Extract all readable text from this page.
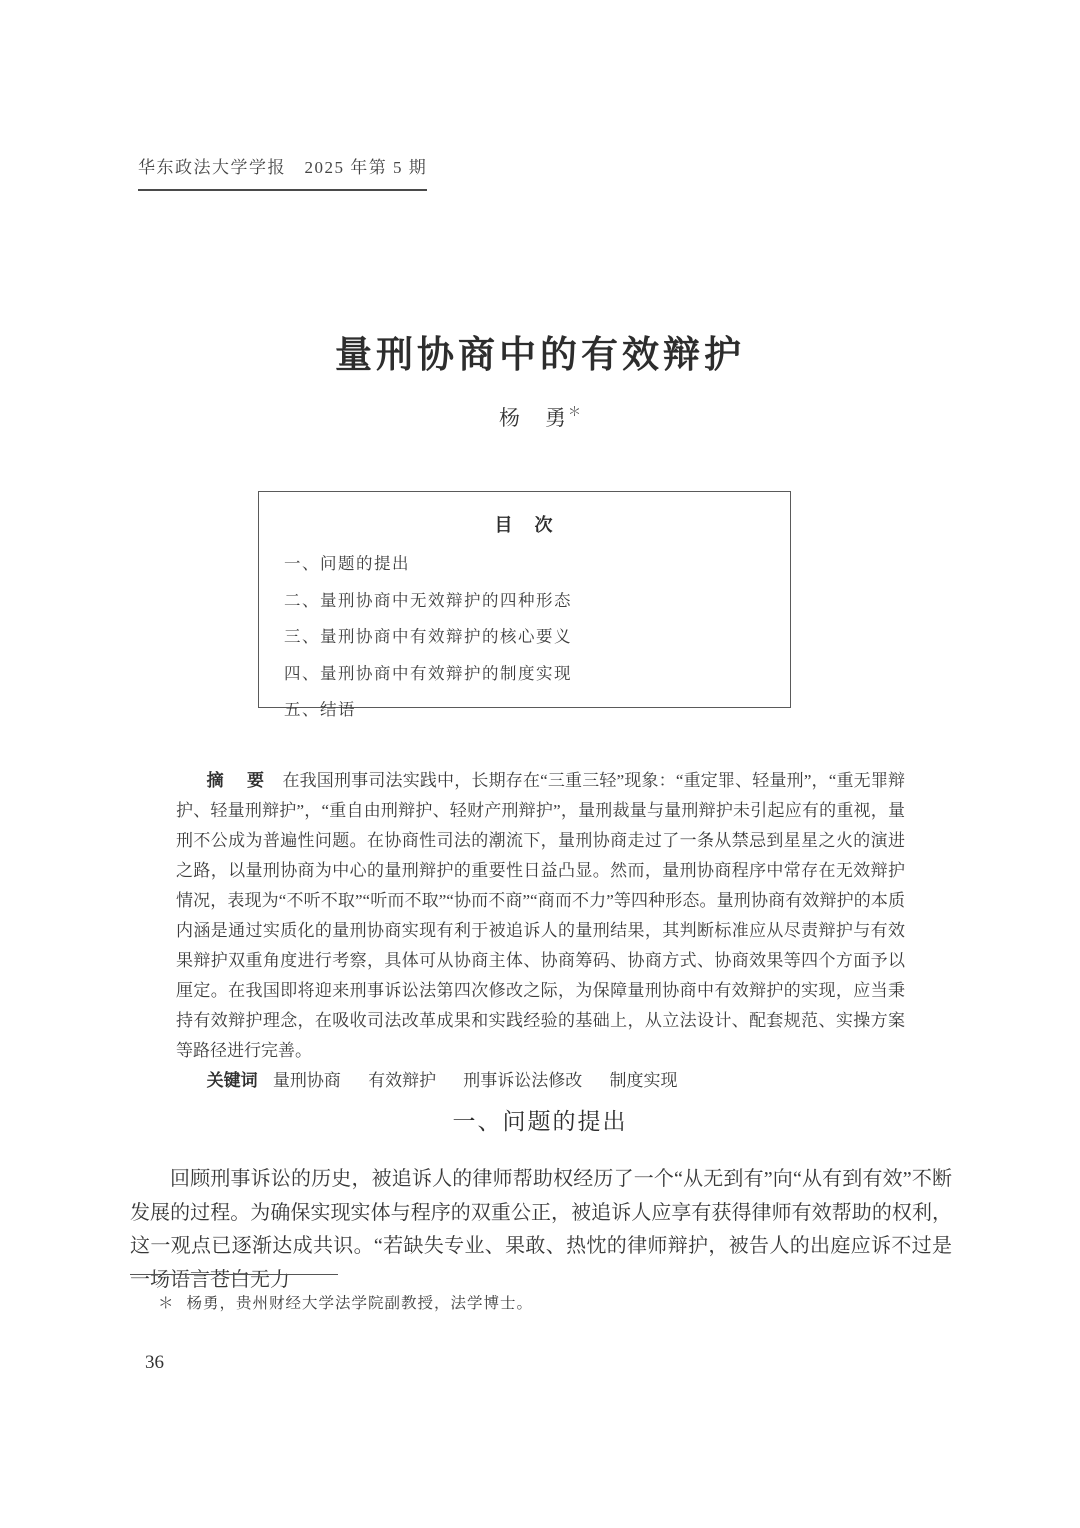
华东政法大学学报　2025 年第 5 期
量刑协商中的有效辩护
杨　勇＊
目　次
一、问题的提出
二、量刑协商中无效辩护的四种形态
三、量刑协商中有效辩护的核心要义
四、量刑协商中有效辩护的制度实现
五、结语

摘　要 在我国刑事司法实践中，长期存在“三重三轻”现象：“重定罪、轻量刑”，“重无罪辩护、轻量刑辩护”，“重自由刑辩护、轻财产刑辩护”，量刑裁量与量刑辩护未引起应有的重视，量刑不公成为普遍性问题。在协商性司法的潮流下，量刑协商走过了一条从禁忌到星星之火的演进之路，以量刑协商为中心的量刑辩护的重要性日益凸显。然而，量刑协商程序中常存在无效辩护情况，表现为“不听不取”“听而不取”“协而不商”“商而不力”等四种形态。量刑协商有效辩护的本质内涵是通过实质化的量刑协商实现有利于被追诉人的量刑结果，其判断标准应从尽责辩护与有效果辩护双重角度进行考察，具体可从协商主体、协商筹码、协商方式、协商效果等四个方面予以厘定。在我国即将迎来刑事诉讼法第四次修改之际，为保障量刑协商中有效辩护的实现，应当秉持有效辩护理念，在吸收司法改革成果和实践经验的基础上，从立法设计、配套规范、实操方案等路径进行完善。

关键词 量刑协商 有效辩护 刑事诉讼法修改 制度实现

一、问题的提出

回顾刑事诉讼的历史，被追诉人的律师帮助权经历了一个“从无到有”向“从有到有效”不断发展的过程。为确保实现实体与程序的双重公正，被追诉人应享有获得律师有效帮助的权利，这一观点已逐渐达成共识。“若缺失专业、果敢、热忱的律师辩护，被告人的出庭应诉不过是一场语言苍白无力

＊ 杨勇，贵州财经大学法学院副教授，法学博士。
36
